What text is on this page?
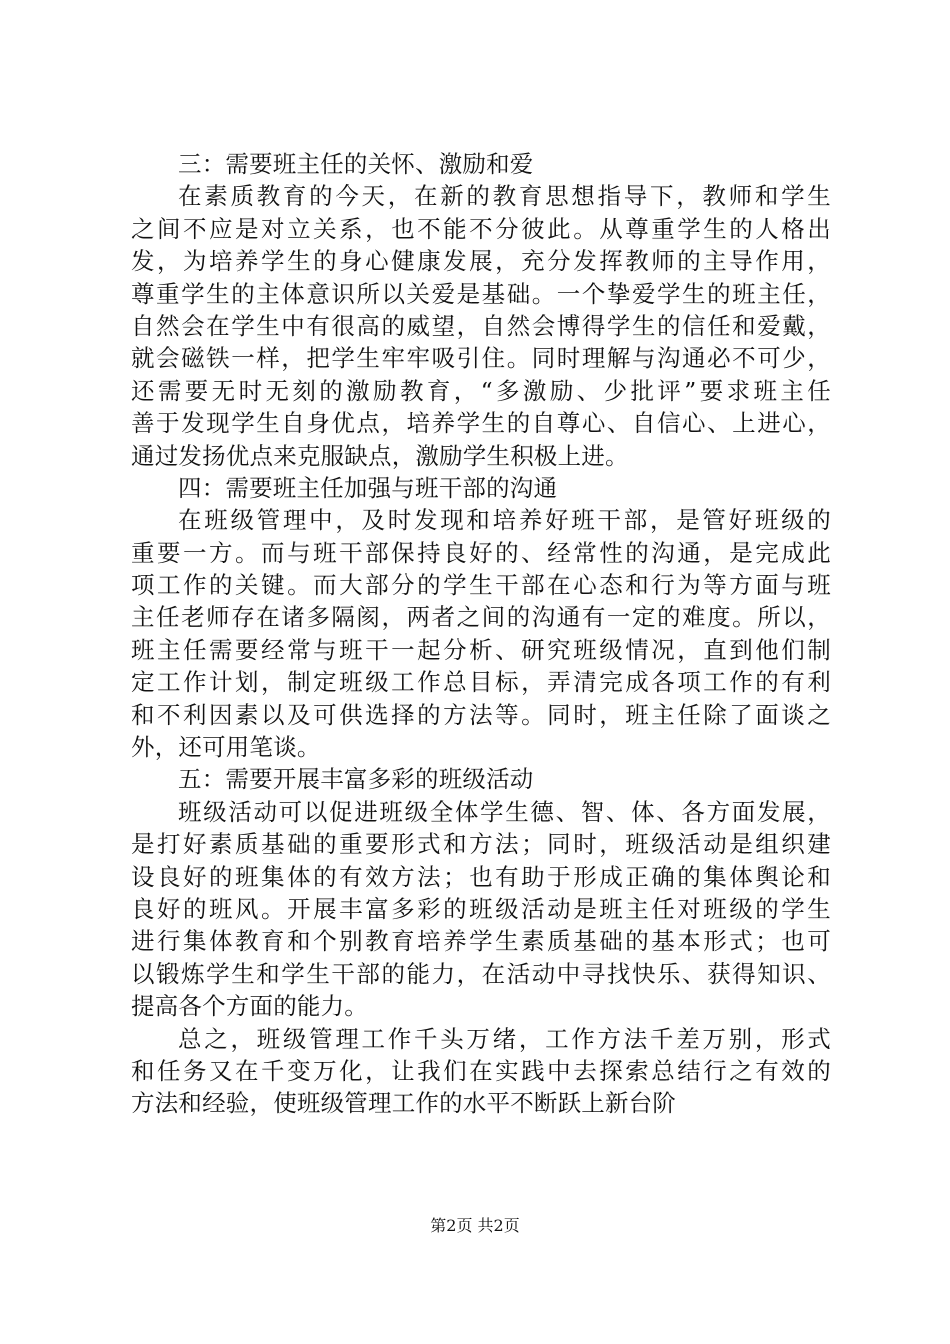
三：需要班主任的关怀、激励和爱
在素质教育的今天，在新的教育思想指导下，教师和学生
之间不应是对立关系，也不能不分彼此。从尊重学生的人格出
发，为培养学生的身心健康发展，充分发挥教师的主导作用，
尊重学生的主体意识所以关爱是基础。一个挚爱学生的班主任，
自然会在学生中有很高的威望，自然会博得学生的信任和爱戴，
就会磁铁一样，把学生牢牢吸引住。同时理解与沟通必不可少，
还需要无时无刻的激励教育，“多激励、少批评”要求班主任
善于发现学生自身优点，培养学生的自尊心、自信心、上进心，
通过发扬优点来克服缺点，激励学生积极上进。
四：需要班主任加强与班干部的沟通
在班级管理中，及时发现和培养好班干部，是管好班级的
重要一方。而与班干部保持良好的、经常性的沟通，是完成此
项工作的关键。而大部分的学生干部在心态和行为等方面与班
主任老师存在诸多隔阂，两者之间的沟通有一定的难度。所以，
班主任需要经常与班干一起分析、研究班级情况，直到他们制
定工作计划，制定班级工作总目标，弄清完成各项工作的有利
和不利因素以及可供选择的方法等。同时，班主任除了面谈之
外，还可用笔谈。
五：需要开展丰富多彩的班级活动
班级活动可以促进班级全体学生德、智、体、各方面发展，
是打好素质基础的重要形式和方法；同时，班级活动是组织建
设良好的班集体的有效方法；也有助于形成正确的集体舆论和
良好的班风。开展丰富多彩的班级活动是班主任对班级的学生
进行集体教育和个别教育培养学生素质基础的基本形式；也可
以锻炼学生和学生干部的能力，在活动中寻找快乐、获得知识、
提高各个方面的能力。
总之，班级管理工作千头万绪，工作方法千差万别，形式
和任务又在千变万化，让我们在实践中去探索总结行之有效的
方法和经验，使班级管理工作的水平不断跃上新台阶
第2页 共2页
